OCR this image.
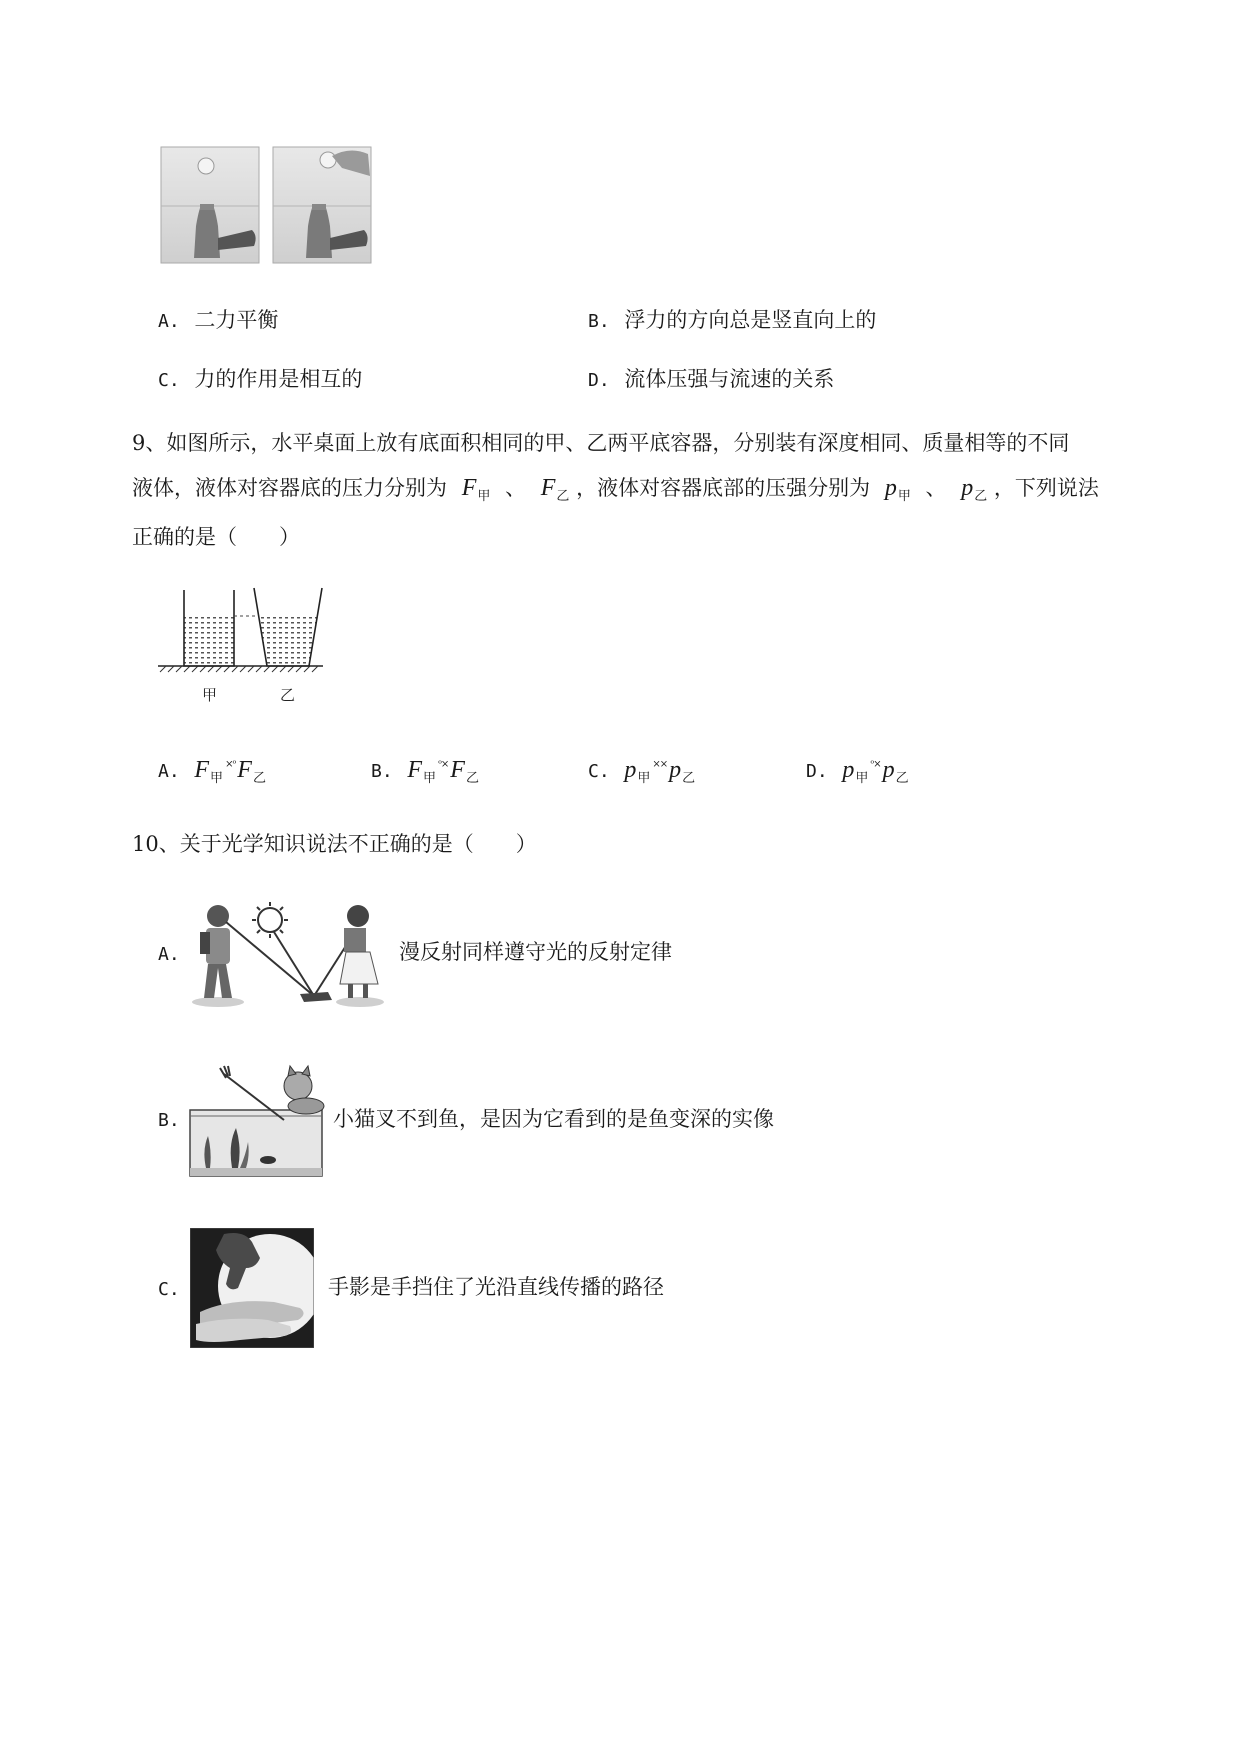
A. 二力平衡	B. 浮力的方向总是竖直向上的
C. 力的作用是相互的	D. 流体压强与流速的关系
9、如图所示，水平桌面上放有底面积相同的甲、乙两平底容器，分别装有深度相同、质量相等的不同
液体，液体对容器底的压力分别为 $F_甲$ 、 $F_乙$ ，液体对容器底部的压强分别为 $p_甲$ 、 $p_乙$ ，下列说法
正确的是（　　）
甲	乙
A. $F_甲^{\times ᵒ}F_乙$	B. $F_甲^{ᵒ\times}F_乙$	C. $p_甲^{\times\times}p_乙$	D. $p_甲^{ᵒ\times}p_乙$
10、关于光学知识说法不正确的是（　　）
A.	漫反射同样遵守光的反射定律
B.	小猫叉不到鱼，是因为它看到的是鱼变深的实像
C.	手影是手挡住了光沿直线传播的路径
